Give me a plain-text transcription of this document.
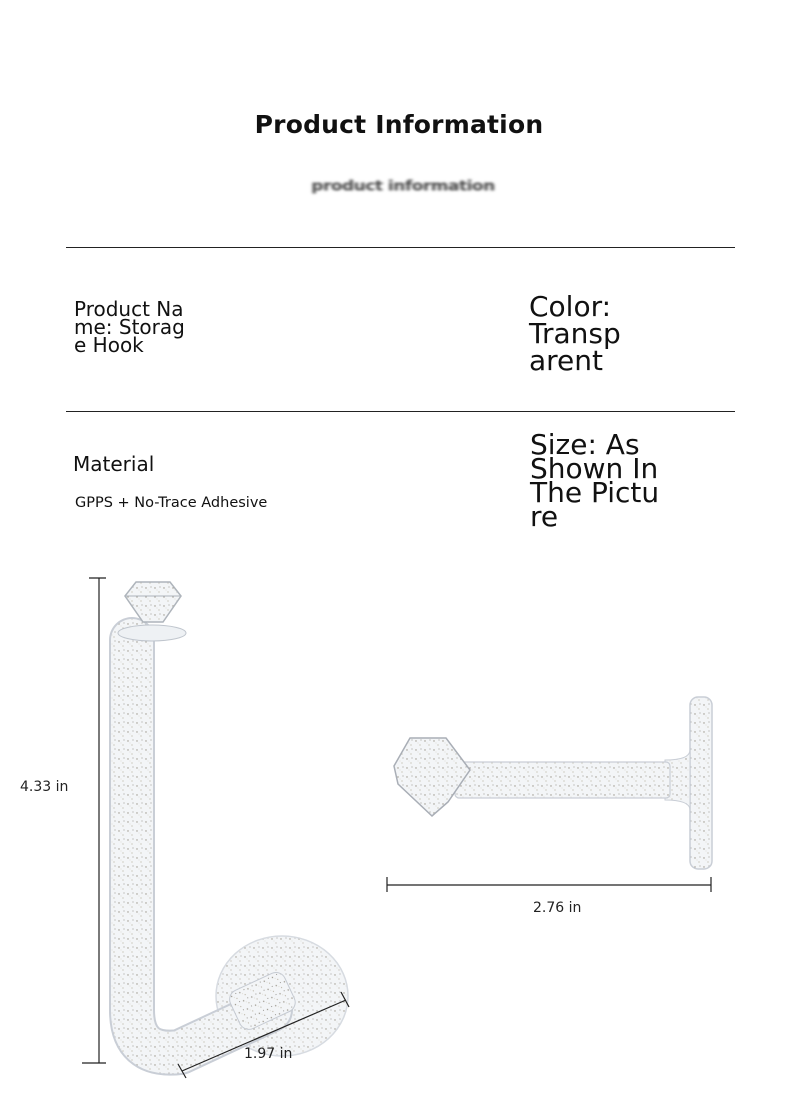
Product Information
product information
Product Name: Storage Hook
Color: Transparent
Material
GPPS + No-Trace Adhesive
Size: As Shown In The Picture
4.33 in
2.76 in
1.97 in
